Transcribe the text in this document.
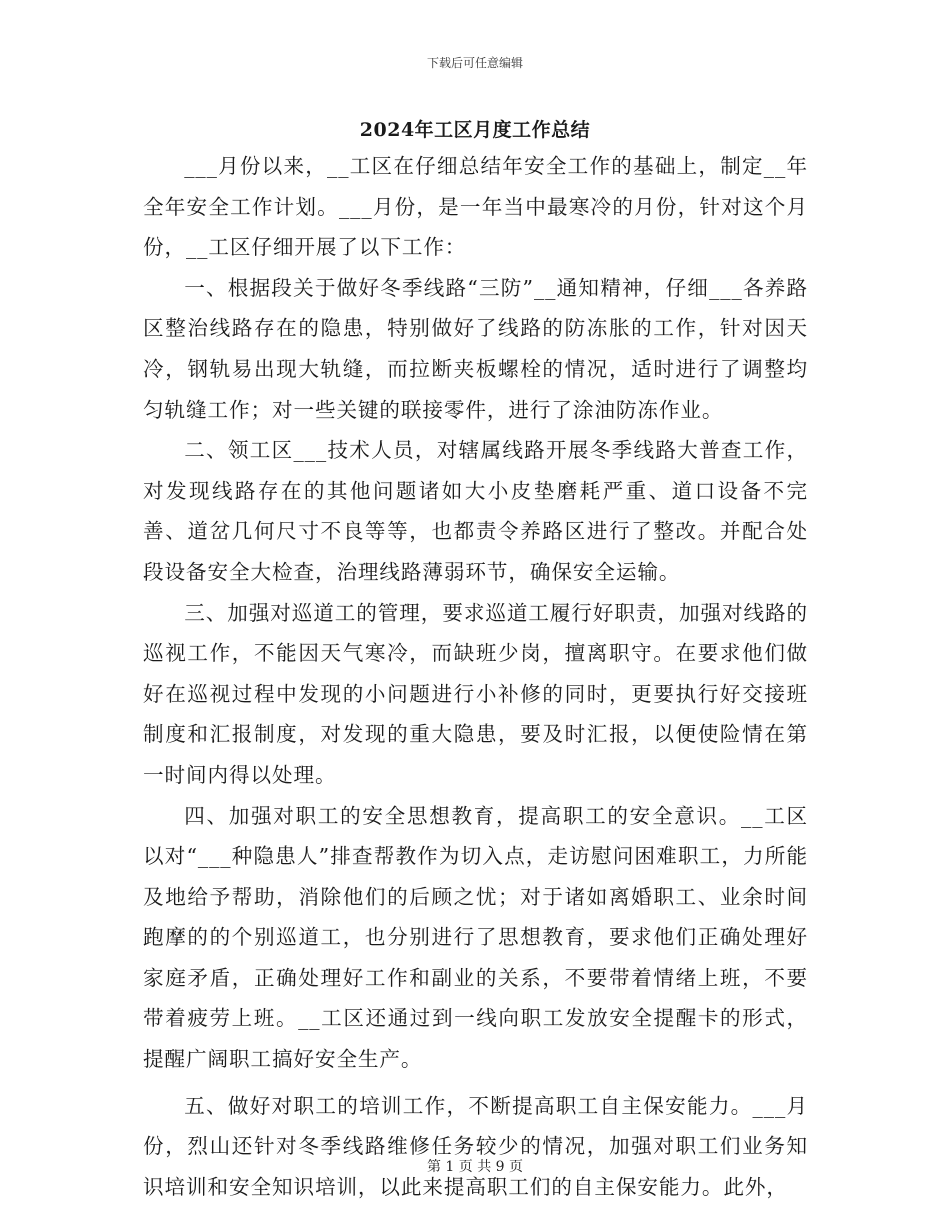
下载后可任意编辑
2024年工区月度工作总结

___月份以来，__工区在仔细总结年安全工作的基础上，制定__年全年安全工作计划。___月份，是一年当中最寒冷的月份，针对这个月份，__工区仔细开展了以下工作：

一、根据段关于做好冬季线路“三防”__通知精神，仔细___各养路区整治线路存在的隐患，特别做好了线路的防冻胀的工作，针对因天冷，钢轨易出现大轨缝，而拉断夹板螺栓的情况，适时进行了调整均匀轨缝工作；对一些关键的联接零件，进行了涂油防冻作业。

二、领工区___技术人员，对辖属线路开展冬季线路大普查工作，对发现线路存在的其他问题诸如大小皮垫磨耗严重、道口设备不完善、道岔几何尺寸不良等等，也都责令养路区进行了整改。并配合处段设备安全大检查，治理线路薄弱环节，确保安全运输。

三、加强对巡道工的管理，要求巡道工履行好职责，加强对线路的巡视工作，不能因天气寒冷，而缺班少岗，擅离职守。在要求他们做好在巡视过程中发现的小问题进行小补修的同时，更要执行好交接班制度和汇报制度，对发现的重大隐患，要及时汇报，以便使险情在第一时间内得以处理。

四、加强对职工的安全思想教育，提高职工的安全意识。__工区以对“___种隐患人”排查帮教作为切入点，走访慰问困难职工，力所能及地给予帮助，消除他们的后顾之忧；对于诸如离婚职工、业余时间跑摩的的个别巡道工，也分别进行了思想教育，要求他们正确处理好家庭矛盾，正确处理好工作和副业的关系，不要带着情绪上班，不要带着疲劳上班。__工区还通过到一线向职工发放安全提醒卡的形式，提醒广阔职工搞好安全生产。

五、做好对职工的培训工作，不断提高职工自主保安能力。___月份，烈山还针对冬季线路维修任务较少的情况，加强对职工们业务知识培训和安全知识培训，以此来提高职工们的自主保安能力。此外，

第 1 页 共 9 页
